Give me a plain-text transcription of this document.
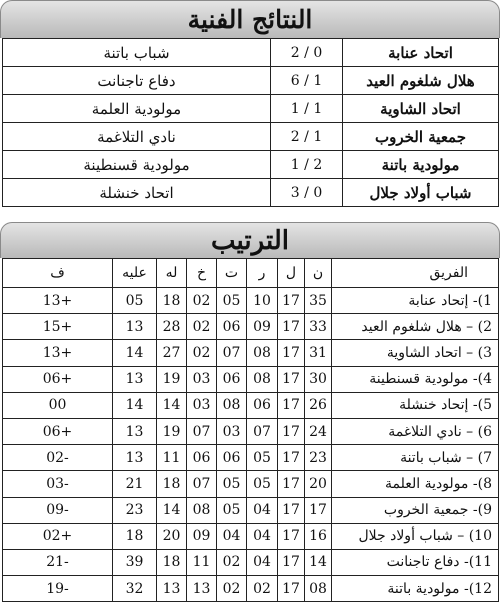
النتائج الفنية
اتحاد عنابة	0 / 2	شباب باتنة
هلال شلغوم العيد	1 / 6	دفاع تاجنانت
اتحاد الشاوية	1 / 1	مولودية العلمة
جمعية الخروب	1 / 2	نادي التلاغمة
مولودية باتنة	2 / 1	مولودية قسنطينة
شباب أولاد جلال	0 / 3	اتحاد خنشلة
الترتيب
الفريق	ن	ل	ر	ت	خ	له	عليه	ف
1)- إتحاد عنابة	35	17	10	05	02	18	05	+13
2) – هلال شلغوم العيد	33	17	09	06	02	28	13	+15
3) – اتحاد الشاوية	31	17	08	07	02	27	14	+13
4)- مولودية قسنطينة	30	17	08	06	03	19	13	+06
5)- إتحاد خنشلة	26	17	06	08	03	14	14	00
6) – نادي التلاغمة	24	17	07	03	07	19	13	+06
7) – شباب باتنة	23	17	05	06	06	11	13	-02
8)- مولودية العلمة	20	17	05	05	07	18	21	-03
9)- جمعية الخروب	17	17	04	05	08	14	23	-09
10) – شباب أولاد جلال	16	17	04	04	09	20	18	+02
11)- دفاع تاجنانت	14	17	04	02	11	18	39	-21
12)- مولودية باتنة	08	17	02	02	13	13	32	-19
